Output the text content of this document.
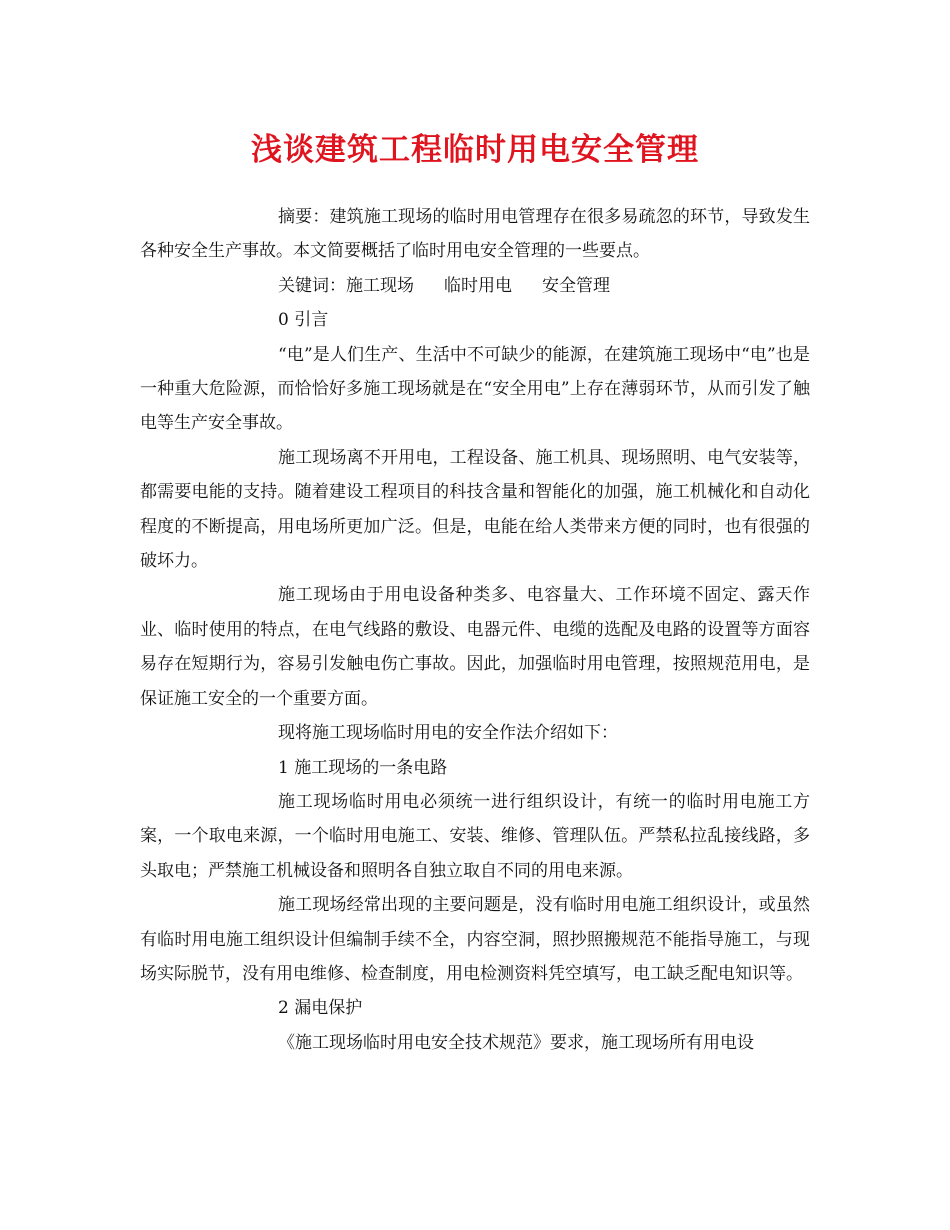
浅谈建筑工程临时用电安全管理

摘要：建筑施工现场的临时用电管理存在很多易疏忽的环节，导致发生各种安全生产事故。本文简要概括了临时用电安全管理的一些要点。

关键词：施工现场 临时用电 安全管理

0 引言

“电”是人们生产、生活中不可缺少的能源，在建筑施工现场中“电”也是一种重大危险源，而恰恰好多施工现场就是在“安全用电”上存在薄弱环节，从而引发了触电等生产安全事故。

施工现场离不开用电，工程设备、施工机具、现场照明、电气安装等，都需要电能的支持。随着建设工程项目的科技含量和智能化的加强，施工机械化和自动化程度的不断提高，用电场所更加广泛。但是，电能在给人类带来方便的同时，也有很强的破坏力。

施工现场由于用电设备种类多、电容量大、工作环境不固定、露天作业、临时使用的特点，在电气线路的敷设、电器元件、电缆的选配及电路的设置等方面容易存在短期行为，容易引发触电伤亡事故。因此，加强临时用电管理，按照规范用电，是保证施工安全的一个重要方面。

现将施工现场临时用电的安全作法介绍如下：

1 施工现场的一条电路

施工现场临时用电必须统一进行组织设计，有统一的临时用电施工方案，一个取电来源，一个临时用电施工、安装、维修、管理队伍。严禁私拉乱接线路，多头取电；严禁施工机械设备和照明各自独立取自不同的用电来源。

施工现场经常出现的主要问题是，没有临时用电施工组织设计，或虽然有临时用电施工组织设计但编制手续不全，内容空洞，照抄照搬规范不能指导施工，与现场实际脱节，没有用电维修、检查制度，用电检测资料凭空填写，电工缺乏配电知识等。

2 漏电保护

《施工现场临时用电安全技术规范》要求，施工现场所有用电设
